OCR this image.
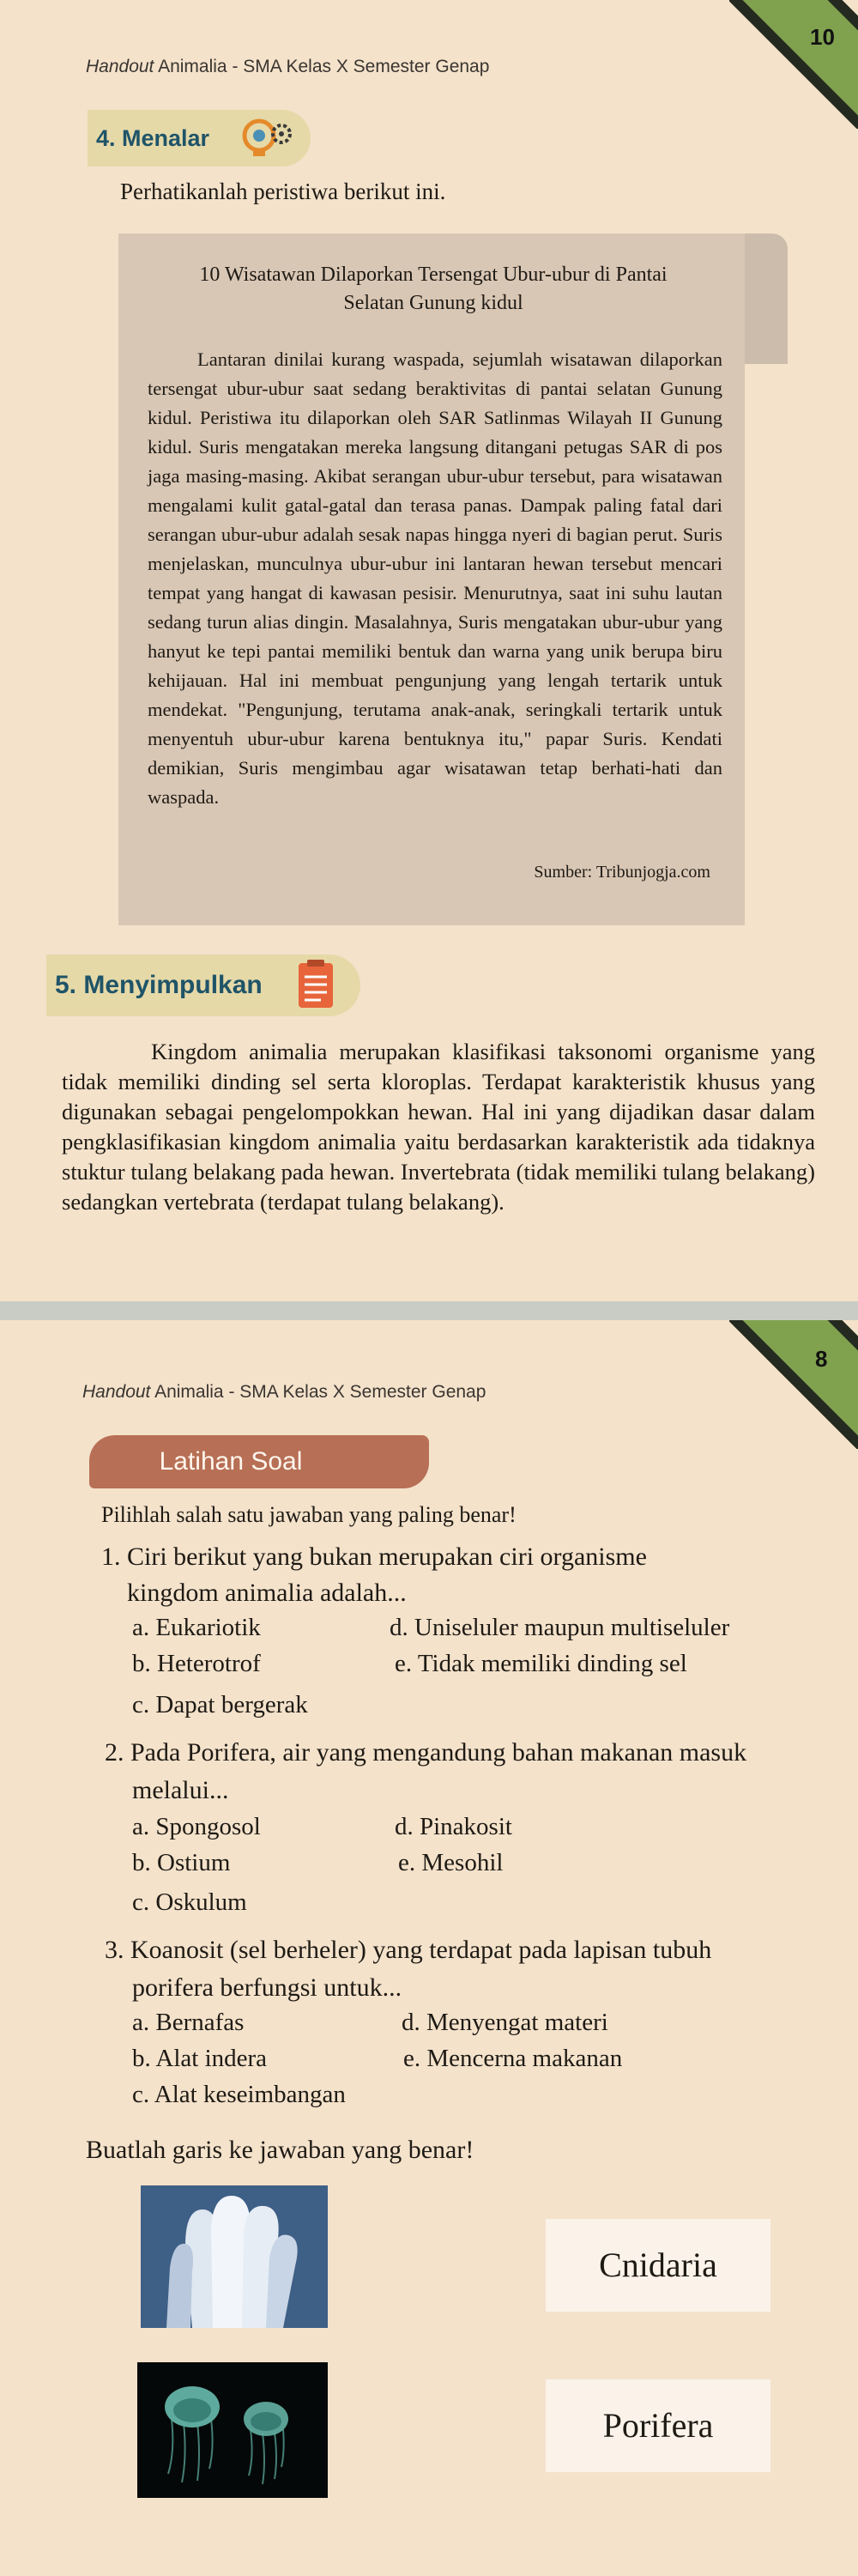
10
Handout Animalia - SMA Kelas X Semester Genap
4. Menalar
Perhatikanlah peristiwa berikut ini.
10 Wisatawan Dilaporkan Tersengat Ubur-ubur di Pantai
Selatan Gunung kidul
Lantaran dinilai kurang waspada, sejumlah wisatawan dilaporkan tersengat ubur-ubur saat sedang beraktivitas di pantai selatan Gunung kidul. Peristiwa itu dilaporkan oleh SAR Satlinmas Wilayah II Gunung kidul. Suris mengatakan mereka langsung ditangani petugas SAR di pos jaga masing-masing. Akibat serangan ubur-ubur tersebut, para wisatawan mengalami kulit gatal-gatal dan terasa panas. Dampak paling fatal dari serangan ubur-ubur adalah sesak napas hingga nyeri di bagian perut. Suris menjelaskan, munculnya ubur-ubur ini lantaran hewan tersebut mencari tempat yang hangat di kawasan pesisir. Menurutnya, saat ini suhu lautan sedang turun alias dingin. Masalahnya, Suris mengatakan ubur-ubur yang hanyut ke tepi pantai memiliki bentuk dan warna yang unik berupa biru kehijauan. Hal ini membuat pengunjung yang lengah tertarik untuk mendekat. "Pengunjung, terutama anak-anak, seringkali tertarik untuk menyentuh ubur-ubur karena bentuknya itu," papar Suris. Kendati demikian, Suris mengimbau agar wisatawan tetap berhati-hati dan waspada.
Sumber: Tribunjogja.com
5. Menyimpulkan
Kingdom animalia merupakan klasifikasi taksonomi organisme yang tidak memiliki dinding sel serta kloroplas. Terdapat karakteristik khusus yang digunakan sebagai pengelompokkan hewan. Hal ini yang dijadikan dasar dalam pengklasifikasian kingdom animalia yaitu berdasarkan karakteristik ada tidaknya stuktur tulang belakang pada hewan. Invertebrata (tidak memiliki tulang belakang) sedangkan vertebrata (terdapat tulang belakang).
8
Handout Animalia - SMA Kelas X Semester Genap
Latihan Soal
Pilihlah salah satu jawaban yang paling benar!
1. Ciri berikut yang bukan merupakan ciri organisme
kingdom animalia adalah...
a. Eukariotik	d. Uniseluler maupun multiseluler
b. Heterotrof	e. Tidak memiliki dinding sel
c. Dapat bergerak
2. Pada Porifera, air yang mengandung bahan makanan masuk
melalui...
a. Spongosol	d. Pinakosit
b. Ostium	e. Mesohil
c. Oskulum
3. Koanosit (sel berheler) yang terdapat pada lapisan tubuh
porifera berfungsi untuk...
a. Bernafas	d. Menyengat materi
b. Alat indera	e. Mencerna makanan
c. Alat keseimbangan
Buatlah garis ke jawaban yang benar!
Cnidaria
Porifera
